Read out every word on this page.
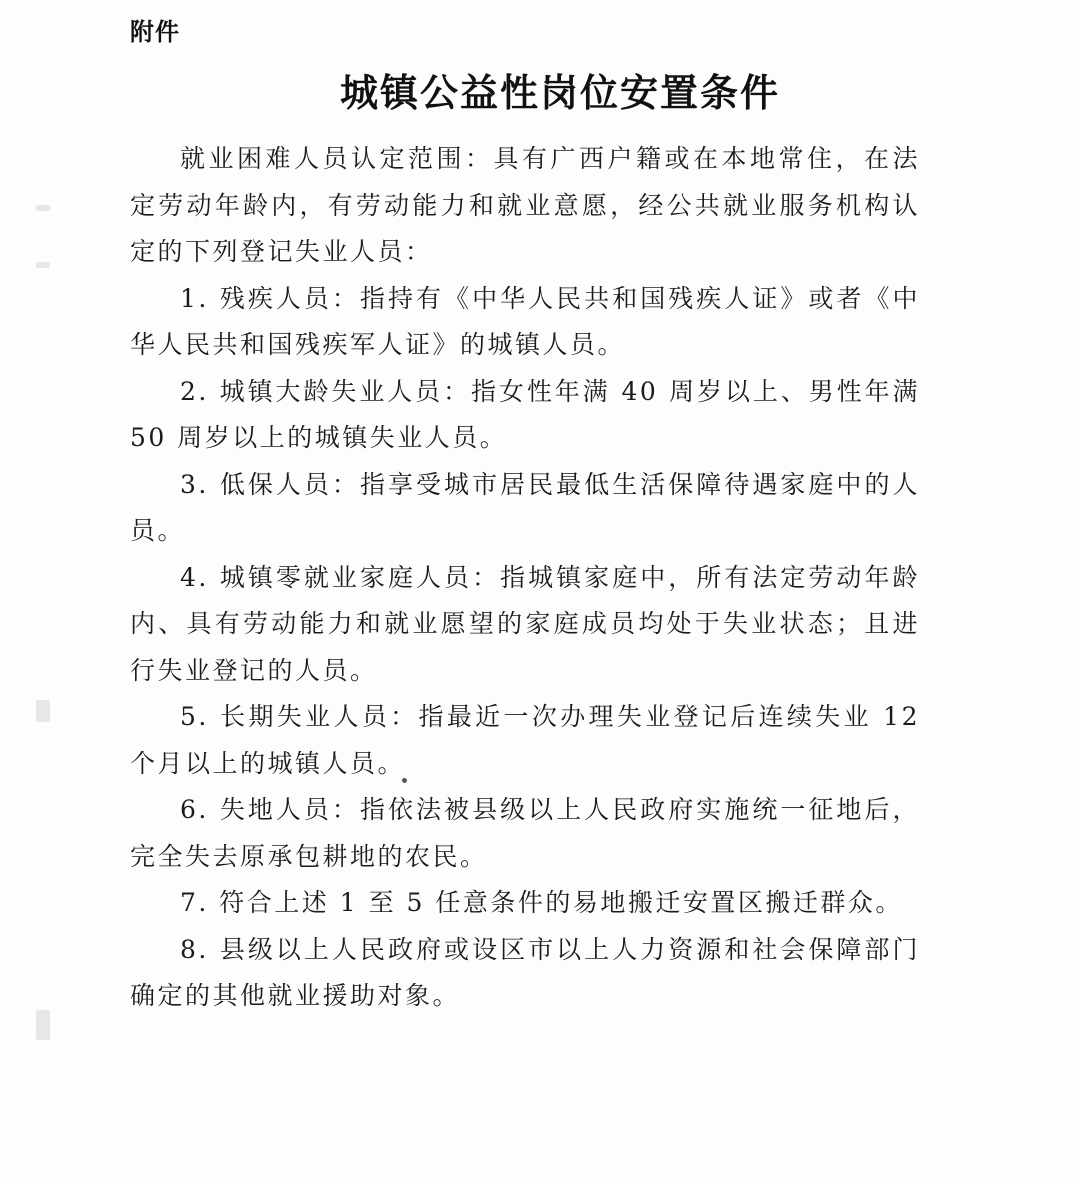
附件
城镇公益性岗位安置条件

就业困难人员认定范围：具有广西户籍或在本地常住，在法定劳动年龄内，有劳动能力和就业意愿，经公共就业服务机构认定的下列登记失业人员：

1. 残疾人员：指持有《中华人民共和国残疾人证》或者《中华人民共和国残疾军人证》的城镇人员。

2. 城镇大龄失业人员：指女性年满 40 周岁以上、男性年满 50 周岁以上的城镇失业人员。

3. 低保人员：指享受城市居民最低生活保障待遇家庭中的人员。

4. 城镇零就业家庭人员：指城镇家庭中，所有法定劳动年龄内、具有劳动能力和就业愿望的家庭成员均处于失业状态；且进行失业登记的人员。

5. 长期失业人员：指最近一次办理失业登记后连续失业 12 个月以上的城镇人员。

6. 失地人员：指依法被县级以上人民政府实施统一征地后，完全失去原承包耕地的农民。

7. 符合上述 1 至 5 任意条件的易地搬迁安置区搬迁群众。

8. 县级以上人民政府或设区市以上人力资源和社会保障部门确定的其他就业援助对象。
